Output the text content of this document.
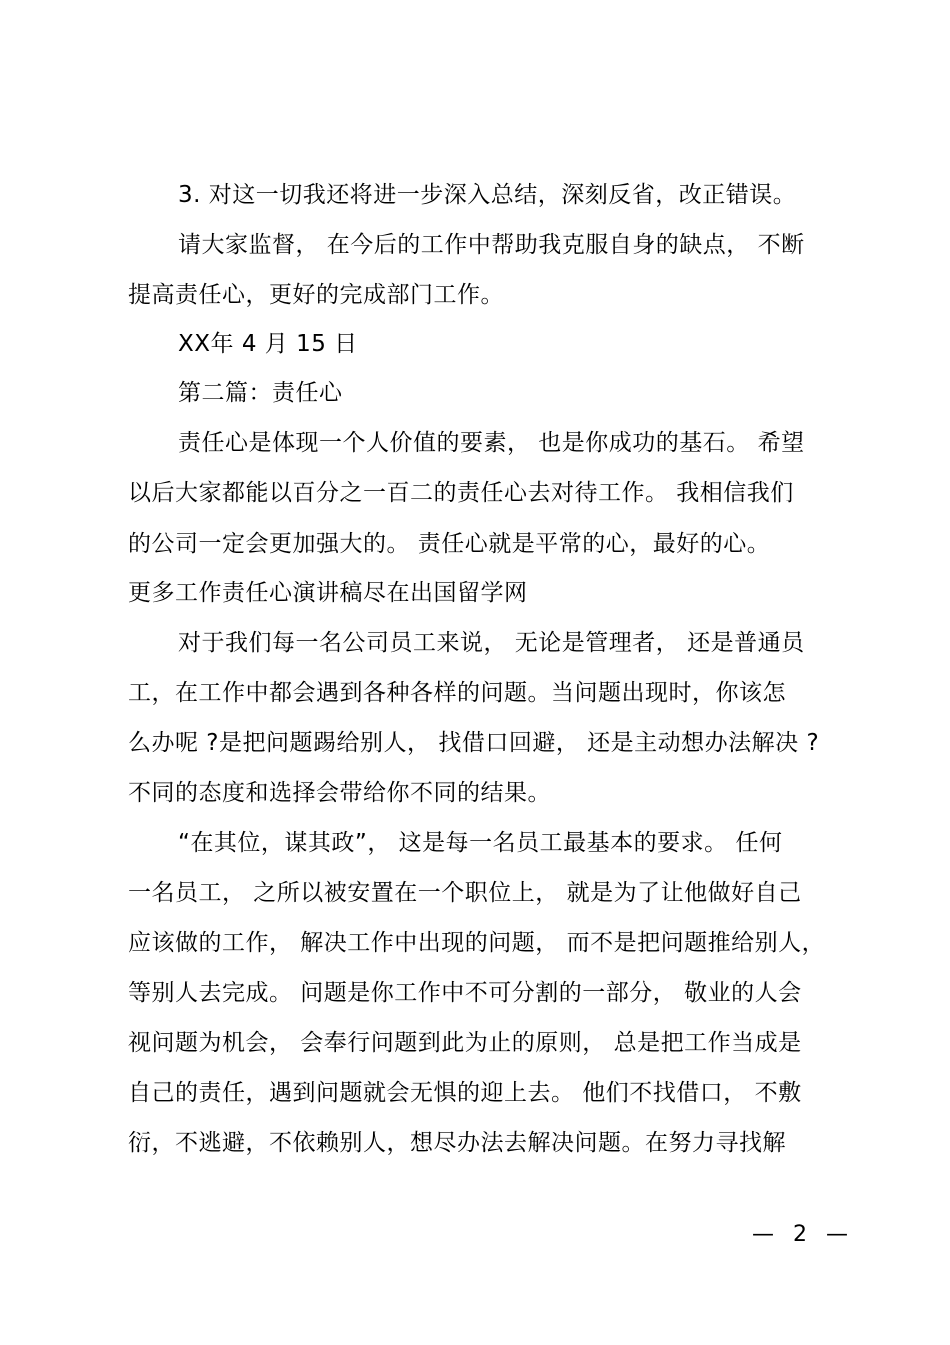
3. 对这一切我还将进一步深入总结，深刻反省，改正错误。
请大家监督， 在今后的工作中帮助我克服自身的缺点， 不断
提高责任心，更好的完成部门工作。
XX年 4 月 15 日
第二篇：责任心
责任心是体现一个人价值的要素， 也是你成功的基石。 希望
以后大家都能以百分之一百二的责任心去对待工作。 我相信我们
的公司一定会更加强大的。 责任心就是平常的心，最好的心。
更多工作责任心演讲稿尽在出国留学网
对于我们每一名公司员工来说， 无论是管理者， 还是普通员
工，在工作中都会遇到各种各样的问题。当问题出现时，你该怎
么办呢 ?是把问题踢给别人， 找借口回避， 还是主动想办法解决 ?
不同的态度和选择会带给你不同的结果。
“在其位，谋其政”， 这是每一名员工最基本的要求。 任何
一名员工， 之所以被安置在一个职位上， 就是为了让他做好自己
应该做的工作， 解决工作中出现的问题， 而不是把问题推给别人，
等别人去完成。 问题是你工作中不可分割的一部分， 敬业的人会
视问题为机会， 会奉行问题到此为止的原则， 总是把工作当成是
自己的责任，遇到问题就会无惧的迎上去。 他们不找借口， 不敷
衍，不逃避，不依赖别人，想尽办法去解决问题。在努力寻找解
— 2 —
